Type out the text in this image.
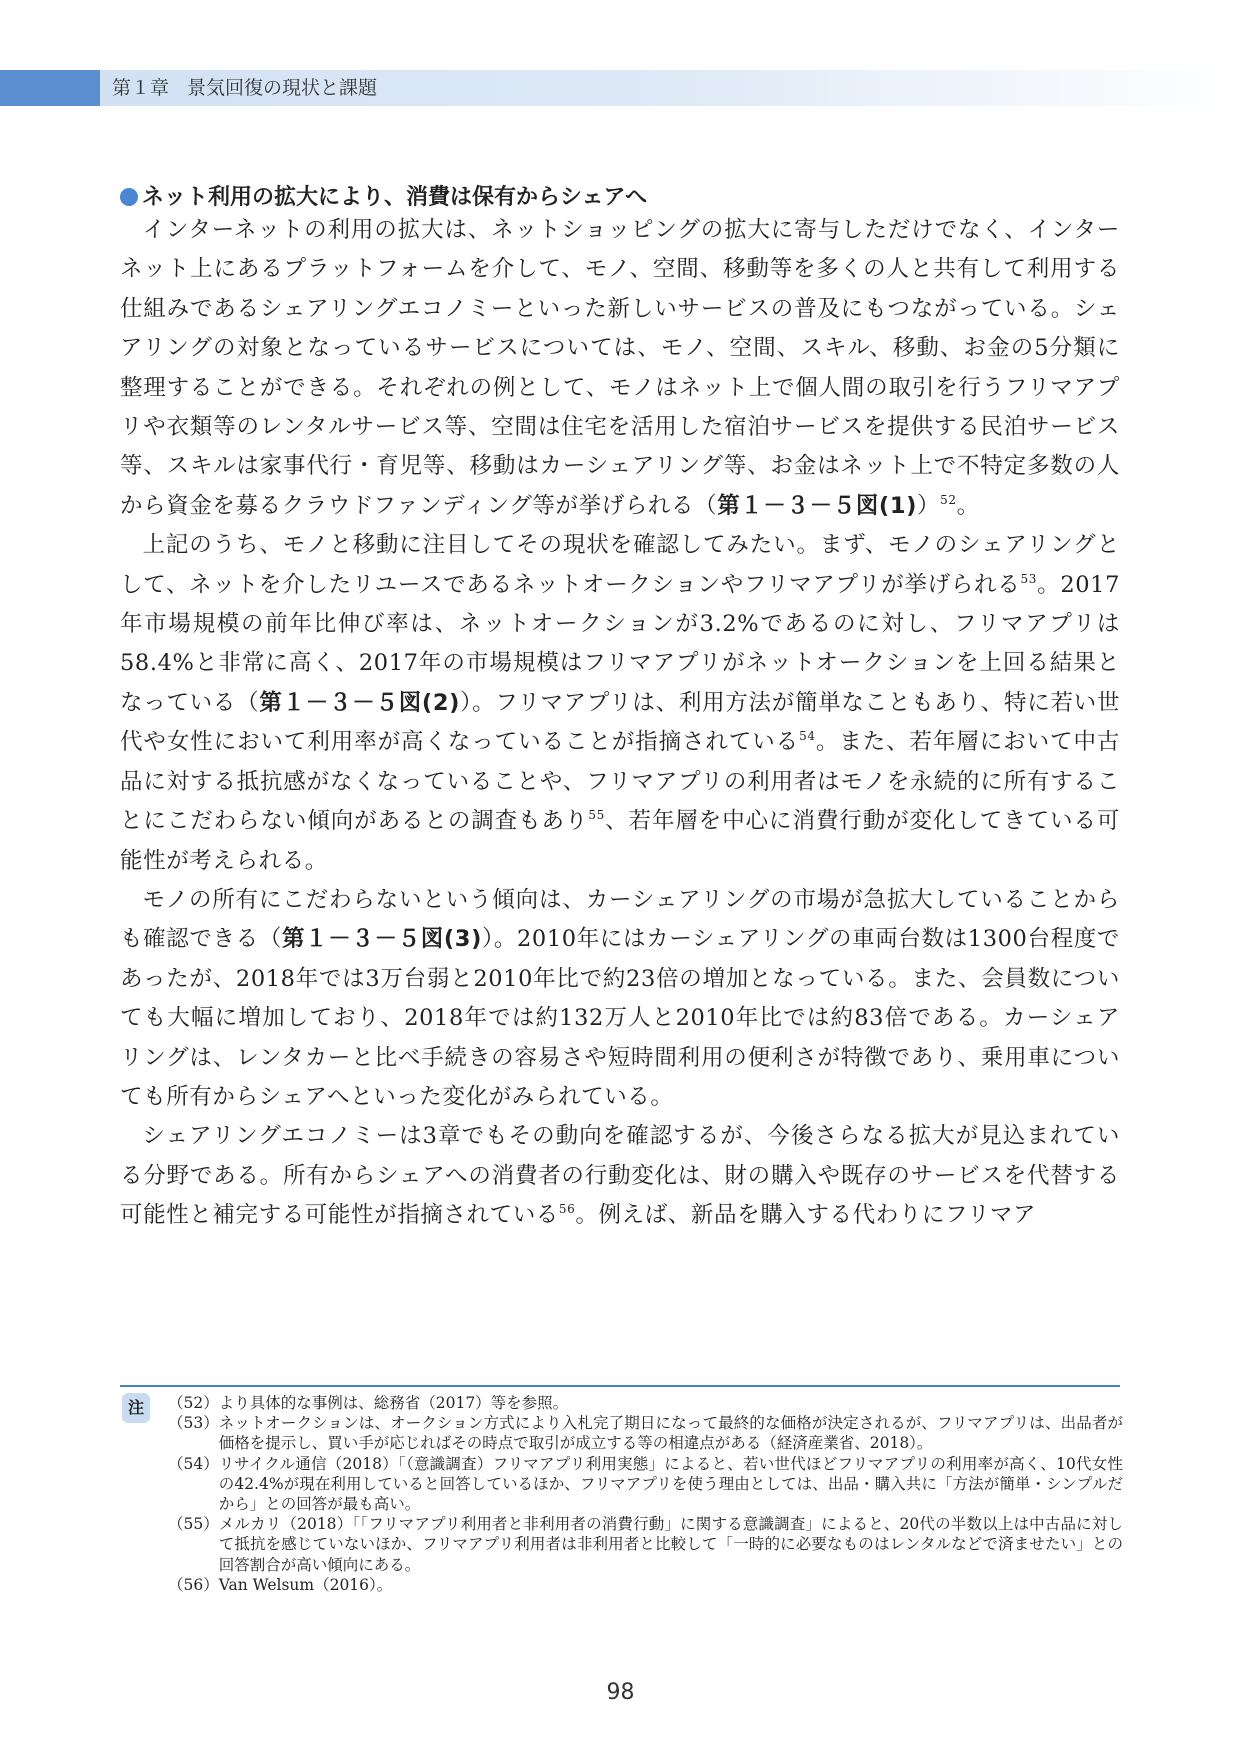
第１章 景気回復の現状と課題
ネット利用の拡大により、消費は保有からシェアへ

インターネットの利用の拡大は、ネットショッピングの拡大に寄与しただけでなく、インターネット上にあるプラットフォームを介して、モノ、空間、移動等を多くの人と共有して利用する仕組みであるシェアリングエコノミーといった新しいサービスの普及にもつながっている。シェアリングの対象となっているサービスについては、モノ、空間、スキル、移動、お金の5分類に整理することができる。それぞれの例として、モノはネット上で個人間の取引を行うフリマアプリや衣類等のレンタルサービス等、空間は住宅を活用した宿泊サービスを提供する民泊サービス等、スキルは家事代行・育児等、移動はカーシェアリング等、お金はネット上で不特定多数の人から資金を募るクラウドファンディング等が挙げられる（第１－３－５図(1)）$^{52}$。

上記のうち、モノと移動に注目してその現状を確認してみたい。まず、モノのシェアリングとして、ネットを介したリユースであるネットオークションやフリマアプリが挙げられる$^{53}$。2017年市場規模の前年比伸び率は、ネットオークションが3.2%であるのに対し、フリマアプリは58.4%と非常に高く、2017年の市場規模はフリマアプリがネットオークションを上回る結果となっている（第１－３－５図(2)）。フリマアプリは、利用方法が簡単なこともあり、特に若い世代や女性において利用率が高くなっていることが指摘されている$^{54}$。また、若年層において中古品に対する抵抗感がなくなっていることや、フリマアプリの利用者はモノを永続的に所有することにこだわらない傾向があるとの調査もあり$^{55}$、若年層を中心に消費行動が変化してきている可能性が考えられる。

モノの所有にこだわらないという傾向は、カーシェアリングの市場が急拡大していることからも確認できる（第１－３－５図(3)）。2010年にはカーシェアリングの車両台数は1300台程度であったが、2018年では3万台弱と2010年比で約23倍の増加となっている。また、会員数についても大幅に増加しており、2018年では約132万人と2010年比では約83倍である。カーシェアリングは、レンタカーと比べ手続きの容易さや短時間利用の便利さが特徴であり、乗用車についても所有からシェアへといった変化がみられている。

シェアリングエコノミーは3章でもその動向を確認するが、今後さらなる拡大が見込まれている分野である。所有からシェアへの消費者の行動変化は、財の購入や既存のサービスを代替する可能性と補完する可能性が指摘されている$^{56}$。例えば、新品を購入する代わりにフリマア

注	（52） より具体的な事例は、総務省（2017）等を参照。
（53） ネットオークションは、オークション方式により入札完了期日になって最終的な価格が決定されるが、フリマアプリは、出品者が価格を提示し、買い手が応じればその時点で取引が成立する等の相違点がある（経済産業省、2018）。
（54） リサイクル通信（2018）「（意識調査）フリマアプリ利用実態」によると、若い世代ほどフリマアプリの利用率が高く、10代女性の42.4%が現在利用していると回答しているほか、フリマアプリを使う理由としては、出品・購入共に「方法が簡単・シンプルだから」との回答が最も高い。
（55） メルカリ（2018）「「フリマアプリ利用者と非利用者の消費行動」に関する意識調査」によると、20代の半数以上は中古品に対して抵抗を感じていないほか、フリマアプリ利用者は非利用者と比較して「一時的に必要なものはレンタルなどで済ませたい」との回答割合が高い傾向にある。
（56） Van Welsum（2016）。
98
